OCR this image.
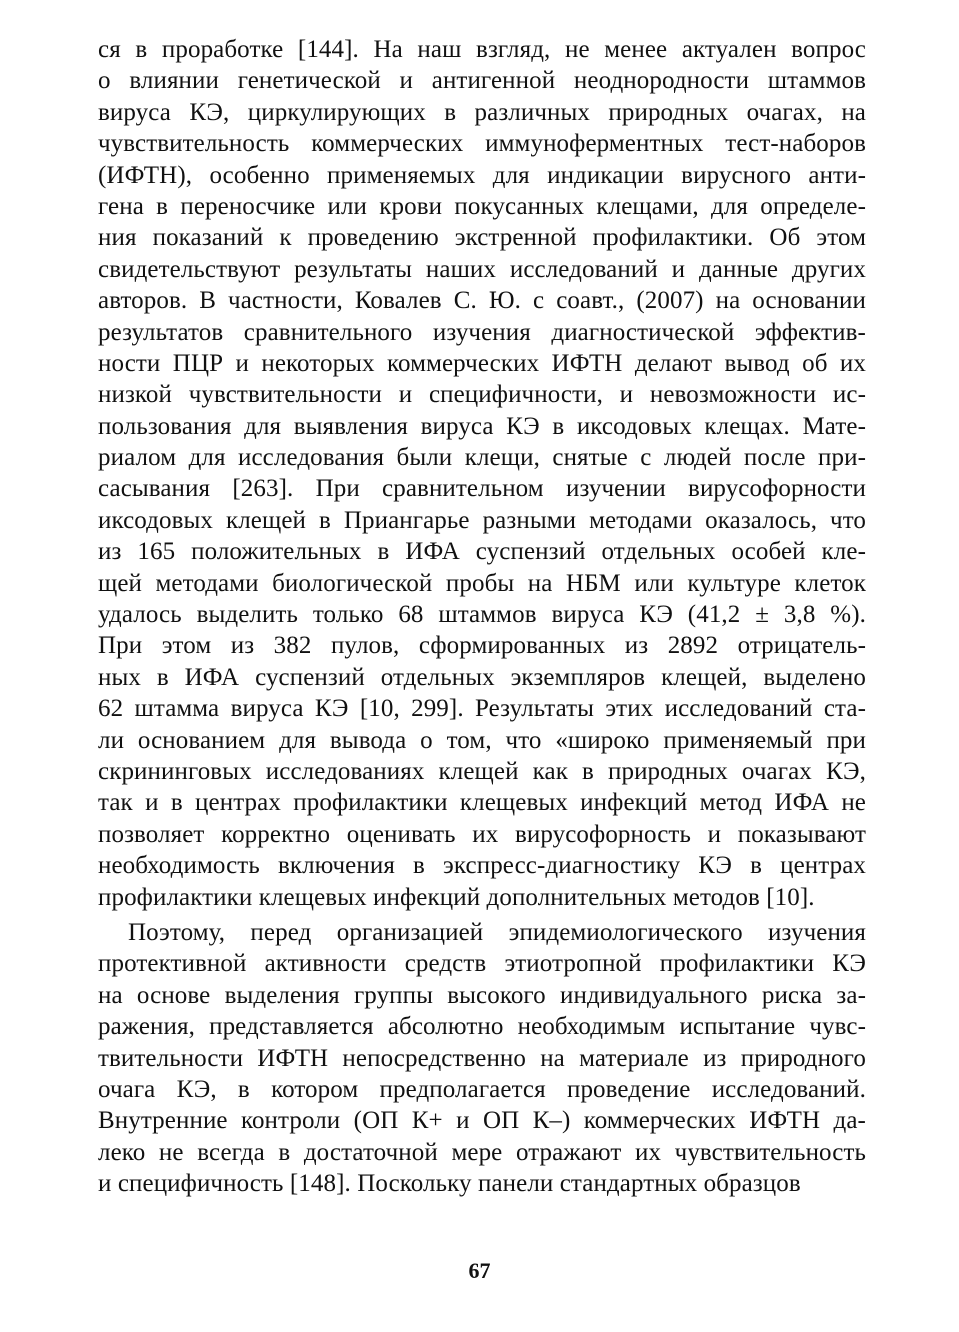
ся в проработке [144]. На наш взгляд, не менее актуален вопрос
о влиянии генетической и антигенной неоднородности штаммов
вируса КЭ, циркулирующих в различных природных очагах, на
чувствительность коммерческих иммуноферментных тест-наборов
(ИФТН), особенно применяемых для индикации вирусного анти-
гена в переносчике или крови покусанных клещами, для определе-
ния показаний к проведению экстренной профилактики. Об этом
свидетельствуют результаты наших исследований и данные других
авторов. В частности, Ковалев С. Ю. с соавт., (2007) на основании
результатов сравнительного изучения диагностической эффектив-
ности ПЦР и некоторых коммерческих ИФТН делают вывод об их
низкой чувствительности и специфичности, и невозможности ис-
пользования для выявления вируса КЭ в иксодовых клещах. Мате-
риалом для исследования были клещи, снятые с людей после при-
сасывания [263]. При сравнительном изучении вирусофорности
иксодовых клещей в Приангарье разными методами оказалось, что
из 165 положительных в ИФА суспензий отдельных особей кле-
щей методами биологической пробы на НБМ или культуре клеток
удалось выделить только 68 штаммов вируса КЭ (41,2 ± 3,8 %).
При этом из 382 пулов, сформированных из 2892 отрицатель-
ных в ИФА суспензий отдельных экземпляров клещей, выделено
62 штамма вируса КЭ [10, 299]. Результаты этих исследований ста-
ли основанием для вывода о том, что «широко применяемый при
скрининговых исследованиях клещей как в природных очагах КЭ,
так и в центрах профилактики клещевых инфекций метод ИФА не
позволяет корректно оценивать их вирусофорность и показывают
необходимость включения в экспресс-диагностику КЭ в центрах
профилактики клещевых инфекций дополнительных методов [10].
Поэтому, перед организацией эпидемиологического изучения
протективной активности средств этиотропной профилактики КЭ
на основе выделения группы высокого индивидуального риска за-
ражения, представляется абсолютно необходимым испытание чувс-
твительности ИФТН непосредственно на материале из природного
очага КЭ, в котором предполагается проведение исследований.
Внутренние контроли (ОП К+ и ОП К–) коммерческих ИФТН да-
леко не всегда в достаточной мере отражают их чувствительность
и специфичность [148]. Поскольку панели стандартных образцов
67
